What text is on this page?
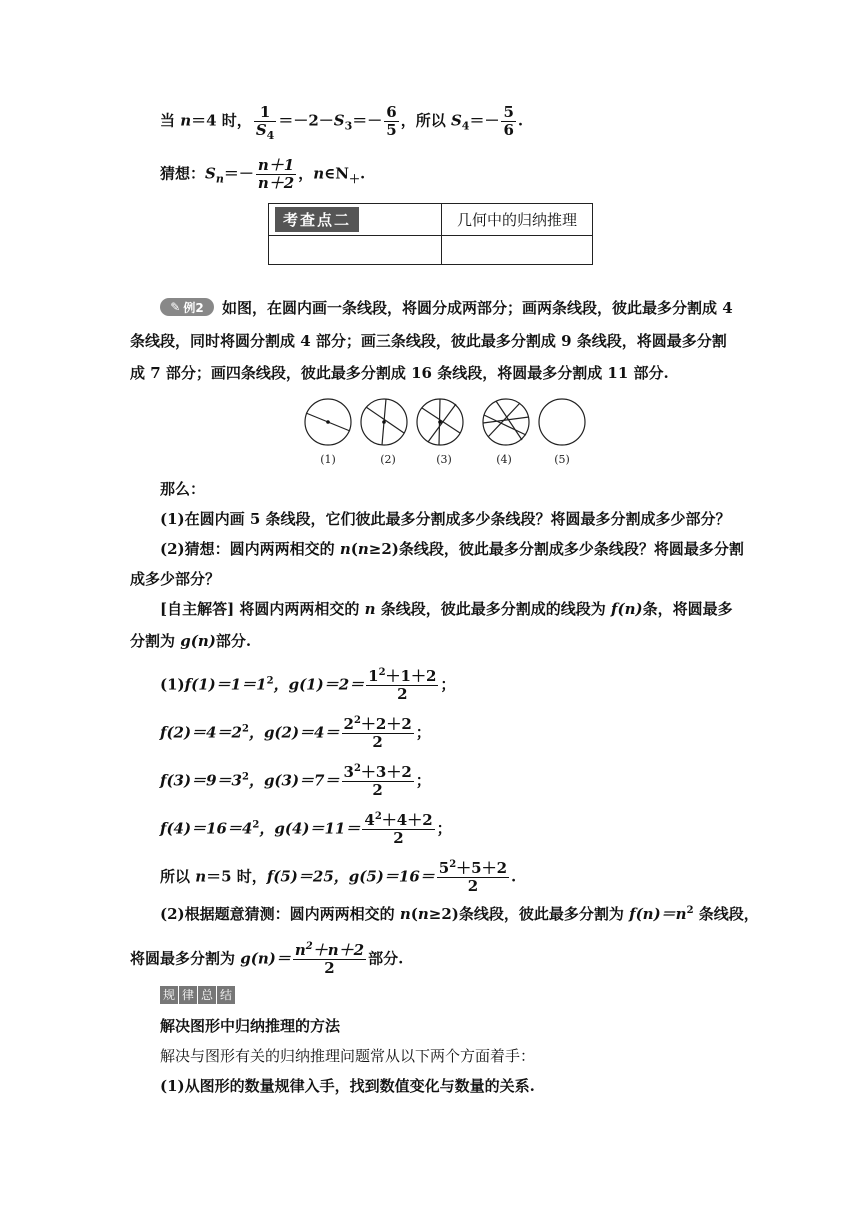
当 n＝4 时， $\frac{1}{S_4} =-2-S_3=- \frac{6}{5}$ ，所以 $S_4=- \frac{5}{6}$ .
猜想：$S_n=- \frac{n+1}{n+2}$ ，$n\in N_+$.
考查点二	几何中的归纳推理

✎ 例2 如图，在圆内画一条线段，将圆分成两部分；画两条线段，彼此最多分割成 4
条线段，同时将圆分割成 4 部分；画三条线段，彼此最多分割成 9 条线段，将圆最多分割
成 7 部分；画四条线段，彼此最多分割成 16 条线段，将圆最多分割成 11 部分.
(1)	(2)	(3)	(4)	(5)
那么：
(1)在圆内画 5 条线段，它们彼此最多分割成多少条线段？将圆最多分割成多少部分？
(2)猜想：圆内两两相交的 n(n≥2)条线段，彼此最多分割成多少条线段？将圆最多分割
成多少部分？
[自主解答] 将圆内两两相交的 n 条线段，彼此最多分割成的线段为 f(n)条，将圆最多
分割为 g(n)部分.
$(1)f(1)=1=1^2$，$g(1)=2= \frac{1^2+1+2}{2}$ ；
$f(2)=4=2^2$，$g(2)=4= \frac{2^2+2+2}{2}$ ；
$f(3)=9=3^2$，$g(3)=7= \frac{3^2+3+2}{2}$ ；
$f(4)=16=4^2$，$g(4)=11= \frac{4^2+4+2}{2}$ ；
所以 n＝5 时，f(5)＝25，$g(5)=16= \frac{5^2+5+2}{2}$ .
(2)根据题意猜测：圆内两两相交的 n(n≥2)条线段，彼此最多分割为 $f(n)=n^2$ 条线段，
将圆最多分割为 $g(n)= \frac{n^2+n+2}{2}$ 部分.
规 律 总 结
解决图形中归纳推理的方法
解决与图形有关的归纳推理问题常从以下两个方面着手：
(1)从图形的数量规律入手，找到数值变化与数量的关系.
